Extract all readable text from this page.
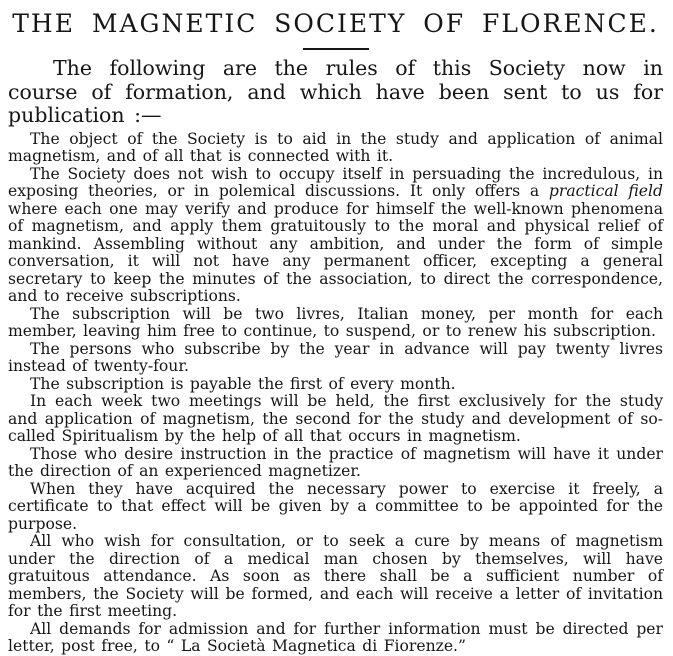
THE MAGNETIC SOCIETY OF FLORENCE.

The following are the rules of this Society now in course of formation, and which have been sent to us for publication :—

The object of the Society is to aid in the study and application of animal magnetism, and of all that is connected with it.

The Society does not wish to occupy itself in persuading the incredulous, in exposing theories, or in polemical discussions. It only offers a practical field where each one may verify and produce for himself the well-known phenomena of magnetism, and apply them gratuitously to the moral and physical relief of mankind. Assembling without any ambition, and under the form of simple conversation, it will not have any permanent officer, excepting a general secretary to keep the minutes of the association, to direct the correspondence, and to receive subscriptions.

The subscription will be two livres, Italian money, per month for each member, leaving him free to continue, to suspend, or to renew his subscription.

The persons who subscribe by the year in advance will pay twenty livres instead of twenty-four.

The subscription is payable the first of every month.

In each week two meetings will be held, the first exclusively for the study and application of magnetism, the second for the study and development of so-called Spiritualism by the help of all that occurs in magnetism.

Those who desire instruction in the practice of magnetism will have it under the direction of an experienced magnetizer.

When they have acquired the necessary power to exercise it freely, a certificate to that effect will be given by a committee to be appointed for the purpose.

All who wish for consultation, or to seek a cure by means of magnetism under the direction of a medical man chosen by themselves, will have gratuitous attendance. As soon as there shall be a sufficient number of members, the Society will be formed, and each will receive a letter of invitation for the first meeting.

All demands for admission and for further information must be directed per letter, post free, to “ La Società Magnetica di Fiorenze.”
